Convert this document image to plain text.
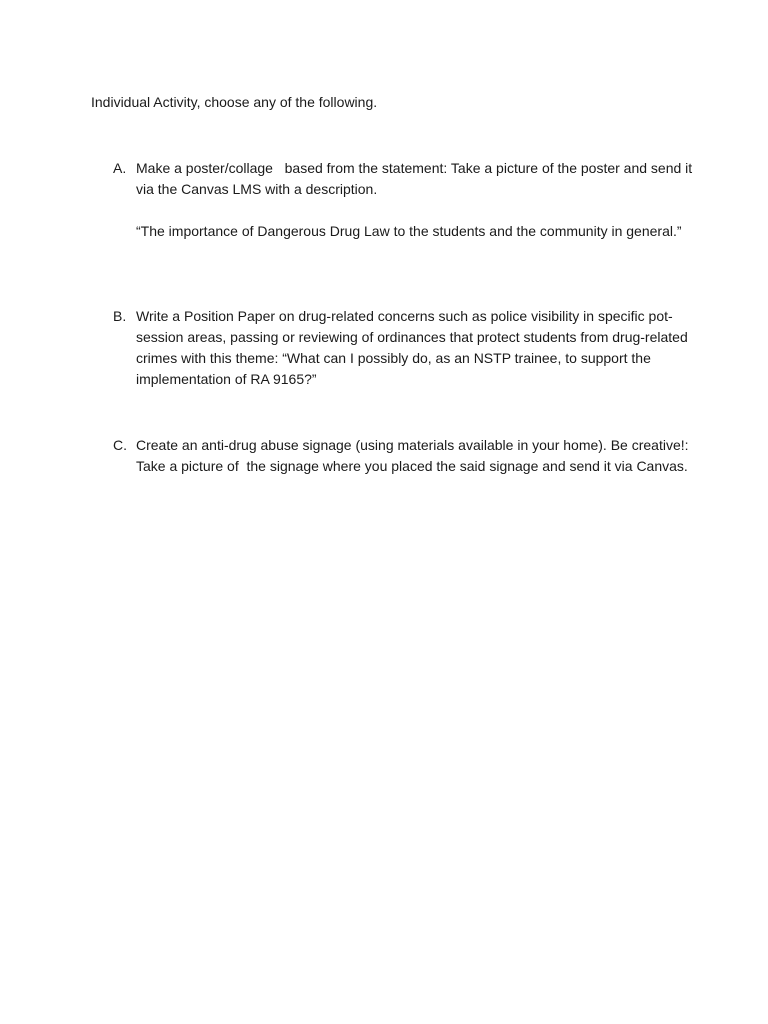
Individual Activity, choose any of the following.
A. Make a poster/collage   based from the statement: Take a picture of the poster and send it via the Canvas LMS with a description.

“The importance of Dangerous Drug Law to the students and the community in general.”

B. Write a Position Paper on drug-related concerns such as police visibility in specific pot-session areas, passing or reviewing of ordinances that protect students from drug-related crimes with this theme: “What can I possibly do, as an NSTP trainee, to support the implementation of RA 9165?”

C. Create an anti-drug abuse signage (using materials available in your home). Be creative!: Take a picture of  the signage where you placed the said signage and send it via Canvas.
